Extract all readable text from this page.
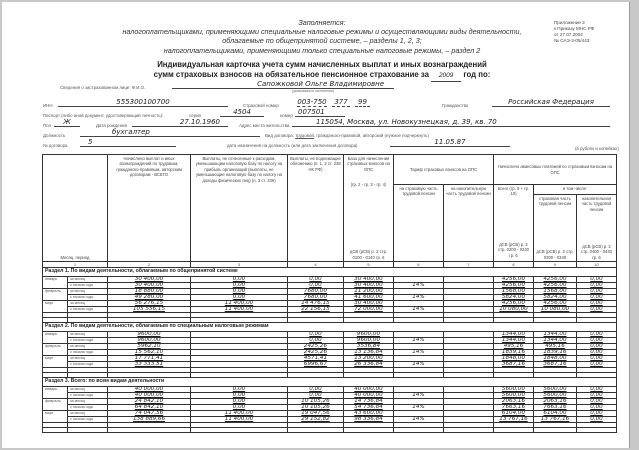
Заполняется:
налогоплательщиками, применяющими специальные налоговые режимы и осуществляющими виды деятельности,
облагаемые по общепринятой системе, – разделы 1, 2, 3;
налогоплательщиками, применяющими только специальные налоговые режимы, – раздел 2
Приложение 2
к Приказу МНС РФ
от 27.07.2004
№ САЭ-3-05/443
Индивидуальная карточка учета сумм начисленных выплат и иных вознаграждений
сумм страховых взносов на обязательное пенсионное страхование за 2009 год по:
Сведения о застрахованном лице: Ф.И.О.	Сапожковой Ольге Владимировне
(указывается полностью)
ИНН	555300100700	Страховой номер	003-750	377	99	Гражданство	Российская Федерация
Паспорт (либо иной документ, удостоверяющий личность):	серия	4504	номер 007501
Пол	Ж	Дата рождения	27.10.1960	Адрес места жительства	115054, Москва, ул. Новокузнецкая, д. 39, кв. 70
Должность	бухгалтер	Вид договора: трудовой, гражданско-правовой, авторский (нужное подчеркнуть)
№ договора	5	дата назначения на должность (или дата заключения договора)	11.05.87
(в рублях и копейках)
Месяц, период		Начислено выплат и иных вознаграждений по трудовым, гражданско-правовым, авторским договорам - ВСЕГО	Выплаты, не отнесенные к расходам, уменьшающим налоговую базу по налогу на прибыль организаций (выплаты, не уменьшающие налоговую базу по налогу на доходы физических лиц) (п. 3 ст. 236)	Выплаты, не подлежащие обложению (п. 1, 2 ст. 238 НК РФ)	База для начисления страховых взносов на ОПС
(гр. 2 - гр. 3 - гр. 4)
дСВ (рСВ) р. 2 стр. 0100 - 0140 гр. 6	Тариф страховых взносов на ОПС		Начислено авансовых платежей по страховым взносам на ОПС		
						на страховую часть трудовой пенсии	на накопительную часть трудовой пенсии	всего (гр. 9 + гр. 10)
дСВ (рСВ) р. 2 стр. 0200 - 0240 гр. 6	в том числе:	

страховая часть трудовой пенсии
дСВ (рСВ) р. 2 стр. 0300 - 0340

накопительная часть трудовой пенсии
дСВ (рСВ) р. 2 стр. 0400 - 0440 гр. 6

1		2	3	4	5	6	7	8	9	10
Раздел 1. По видам деятельности, облагаемым по общепринятой системе										
январь	за месяц	30 400,00	0,00	0,00	30 400,00			4256,00	4256,00	0,00
	с начала года	30 400,00	0,00	0,00	30 400,00	14%		4256,00	4256,00	0,00
февраль	за месяц	18 880,00	0,00	7680,00	11 200,00			1568,00	1568,00	0,00
	с начала года	49 280,00	0,00	7680,00	41 600,00	14%		5824,00	5824,00	0,00
март	за месяц	56 276,15	11 400,00	14 476,15	30 400,00			4256,00	4256,00	0,00
	с начала года	105 556,15	11 400,00	22 156,15	72 000,00	14%		10 080,00	10 080,00	0,00

Раздел 2. По видам деятельности, облагаемым по специальным налоговым режимам										
январь	за месяц	9600,00		0,00	9600,00			1344,00	1344,00	0,00
	с начала года	9600,00		0,00	9600,00	14%		1344,00	1344,00	0,00
февраль	за месяц	5962,10		2425,26	3536,84			495,16	495,16	0,00
	с начала года	15 562,10		2425,26	13 136,84	14%		1839,16	1839,16	0,00
март	за месяц	17 771,41		4571,41	13 200,00			1848,00	1848,00	0,00
	с начала года	33 333,51		6996,67	26 336,84	14%		3687,16	3687,16	0,00

Раздел 3. Всего: по всем видам деятельности										
январь	за месяц	40 000,00	0,00	0,00	40 000,00			5600,00	5600,00	0,00
	с начала года	40 000,00	0,00	0,00	40 000,00	14%		5600,00	5600,00	0,00
февраль	за месяц	24 842,10	0,00	10 105,26	14 736,84			2063,16	2063,16	0,00
	с начала года	64 842,10	0,00	10 105,26	54 736,84	14%		7663,16	7663,16	0,00
март	за месяц	74 047,56	11 400,00	19 047,56	43 600,00			6104,00	6104,00	0,00
	с начала года	138 889,66	11 400,00	29 152,82	98 336,84	14%		13 767,16	13 767,16	0,00
